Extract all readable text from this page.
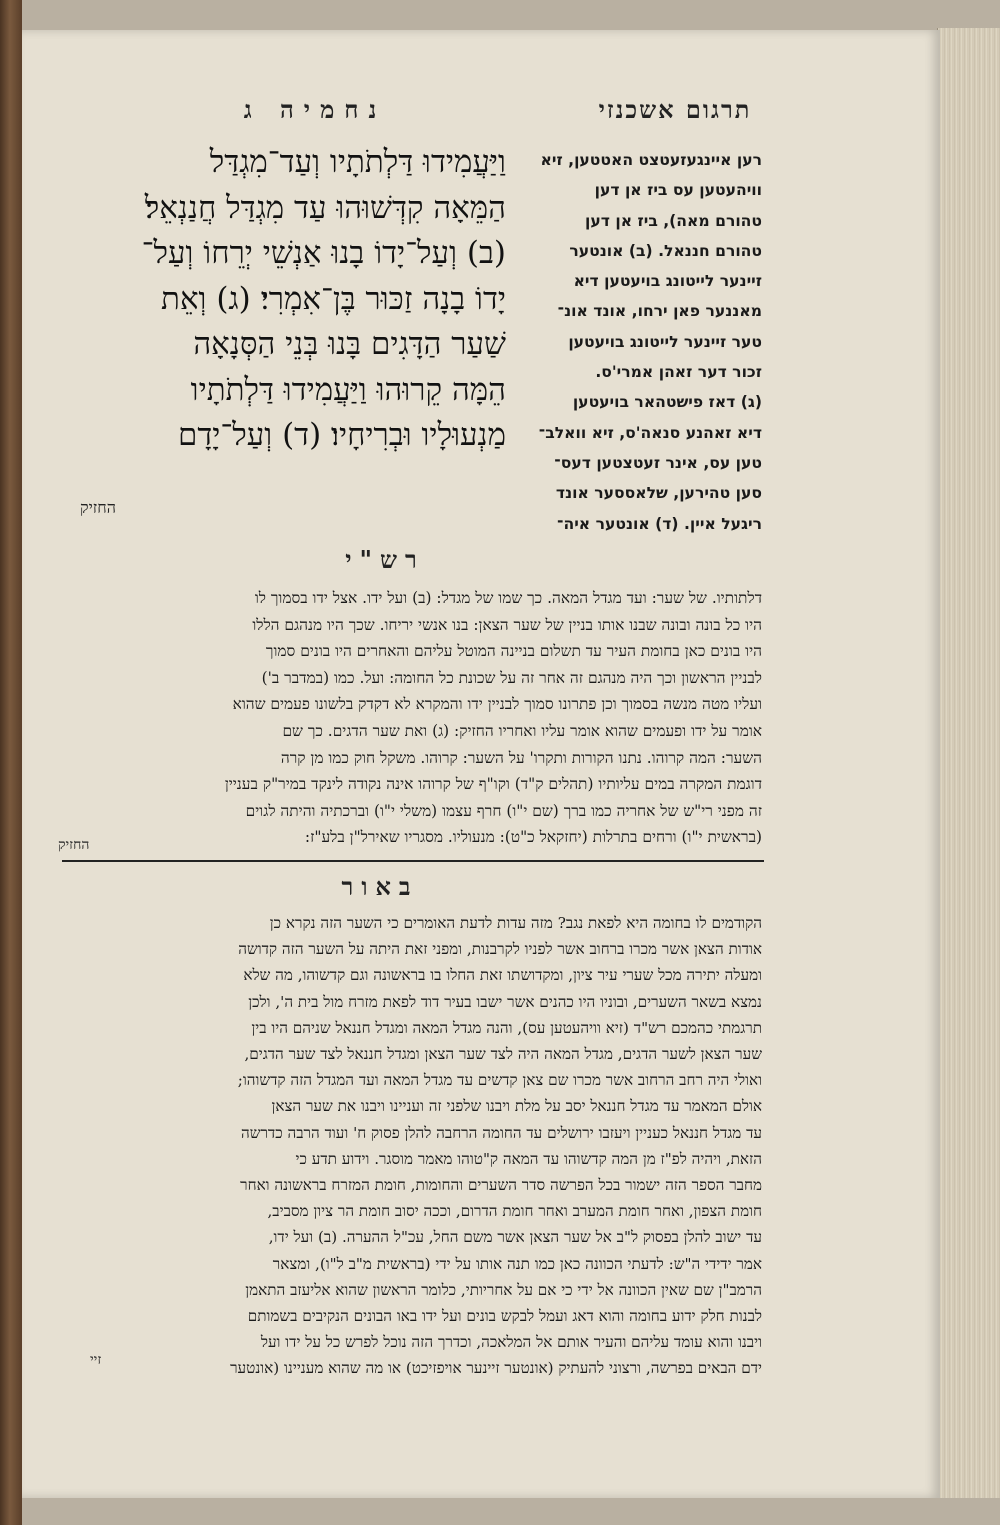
נחמיה ג	תרגום אשכנזי
וַיַּעֲמִידוּ דַּלְתֹתָיו וְעַד־מִגְדַּל
הַמֵּאָה קִדְּשׁוּהוּ עַד מִגְדַּל חֲנַנְאֵל׃
(ב) וְעַל־יָדוֹ בָנוּ אַנְשֵׁי יְרֵחוֹ וְעַל־
יָדוֹ בָנָה זַכּוּר בֶּן־אִמְרִי׃ (ג) וְאֵת
שַׁעַר הַדָּגִים בָּנוּ בְּנֵי הַסְּנָאָה
הֵמָּה קֵרוּהוּ וַיַּעֲמִידוּ דַּלְתֹתָיו
מַנְעוּלָיו וּבְרִיחָיו׃ (ד) וְעַל־יָדָם
החזיק
רען איינגעזעטצט האטטען, זיא
וויהעטען עס ביז אן דען
טהורם מאה), ביז אן דען
טהורם חננאל. (ב) אונטער
זיינער לייטונג בויעטען דיא
מאננער פאן ירחו, אונד אונ־
טער זיינער לייטונג בויעטען
זכור דער זאהן אמרי'ס.
(ג) דאז פישטהאר בויעטען
דיא זאהנע סנאה'ס, זיא וואלב־
טען עס, אינר זעטצטען דעס־
סען טהירען, שלאססער אונד
ריגעל איין. (ד) אונטער איה־
רש"י
דלתותיו. של שער: ועד מגדל המאה. כך שמו של מגדל: (ב) ועל ידו. אצל ידו בסמוך לו
היו כל בונה ובונה שבנו אותו בניין של שער הצאן: בנו אנשי יריחו. שכך היו מנהגם הללו
היו בונים כאן בחומת העיר עד תשלום בניינה המוטל עליהם והאחרים היו בונים סמוך
לבניין הראשון וכך היה מנהגם זה אחר זה על שכונת כל החומה: ועל. כמו (במדבר ב')
ועליו מטה מנשה בסמוך וכן פתרונו סמוך לבניין ידו והמקרא לא דקדק בלשונו פעמים שהוא
אומר על ידו ופעמים שהוא אומר עליו ואחריו החזיק: (ג) ואת שער הדגים. כך שם
השער: המה קרוהו. נתנו הקורות ותקרו' על השער: קרוהו. משקל חוק כמו מן קרה
דוגמת המקרה במים עליותיו (תהלים ק"ד) וקו"ף של קרוהו אינה נקודה לינקד במיר"ק בעניין
זה מפני רי"ש של אחריה כמו ברך (שם י"ו) חרף עצמו (משלי י"ו) וברכתיה והיתה לגוים
(בראשית י"ו) ורחים בתרלות (יחזקאל כ"ט): מנעוליו. מסגריו שאירל"ן בלע"ז:
החזיק
באור
הקודמים לו בחומה היא לפאת נגב? מזה עדות לדעת האומרים כי השער הזה נקרא כן
אודות הצאן אשר מכרו ברחוב אשר לפניו לקרבנות, ומפני זאת היתה על השער הזה קדושה
ומעלה יתירה מכל שערי עיר ציון, ומקדושתו זאת החלו בו בראשונה וגם קדשוהו, מה שלא
נמצא בשאר השערים, ובוניו היו כהנים אשר ישבו בעיר דוד לפאת מזרח מול בית ה', ולכן
תרגמתי כהמכם רש"ד (זיא וויהעטען עס), והנה מגדל המאה ומגדל חננאל שניהם היו בין
שער הצאן לשער הדגים, מגדל המאה היה לצד שער הצאן ומגדל חננאל לצד שער הדגים,
ואולי היה רחב הרחוב אשר מכרו שם צאן קדשים עד מגדל המאה ועד המגדל הזה קדשוהו;
אולם המאמר עד מגדל חננאל יסב על מלת ויבנו שלפני זה ועניינו ויבנו את שער הצאן
עד מגדל חננאל כעניין ויעזבו ירושלים עד החומה הרחבה להלן פסוק ח' ועוד הרבה כדרשה
הזאת, ויהיה לפ"ז מן המה קדשוהו עד המאה ק"טוהו מאמר מוסגר. וידוע תדע כי
מחבר הספר הזה ישמור בכל הפרשה סדר השערים והחומות, חומת המזרח בראשונה ואחר
חומת הצפון, ואחר חומת המערב ואחר חומת הדרום, וככה יסוב חומת הר ציון מסביב,
עד ישוב להלן בפסוק ל"ב אל שער הצאן אשר משם החל, עכ"ל ההערה. (ב) ועל ידו,
אמר ידידי ה"ש: לדעתי הכוונה כאן כמו תנה אותו על ידי (בראשית מ"ב ל"ו), ומצאר
הרמב"ן שם שאין הכוונה אל ידי כי אם על אחריותי, כלומר הראשון שהוא אליעזב התאמן
לבנות חלק ידוע בחומה והוא דאג ועמל לבקש בונים ועל ידו באו הבונים הנקיבים בשמותם
ויבנו והוא עומד עליהם והעיר אותם אל המלאכה, וכדרך הזה נוכל לפרש כל על ידו ועל
ידם הבאים בפרשה, ורצוני להעתיק (אונטער זיינער אויפזיכט) או מה שהוא מעניינו (אונטער
זיי
